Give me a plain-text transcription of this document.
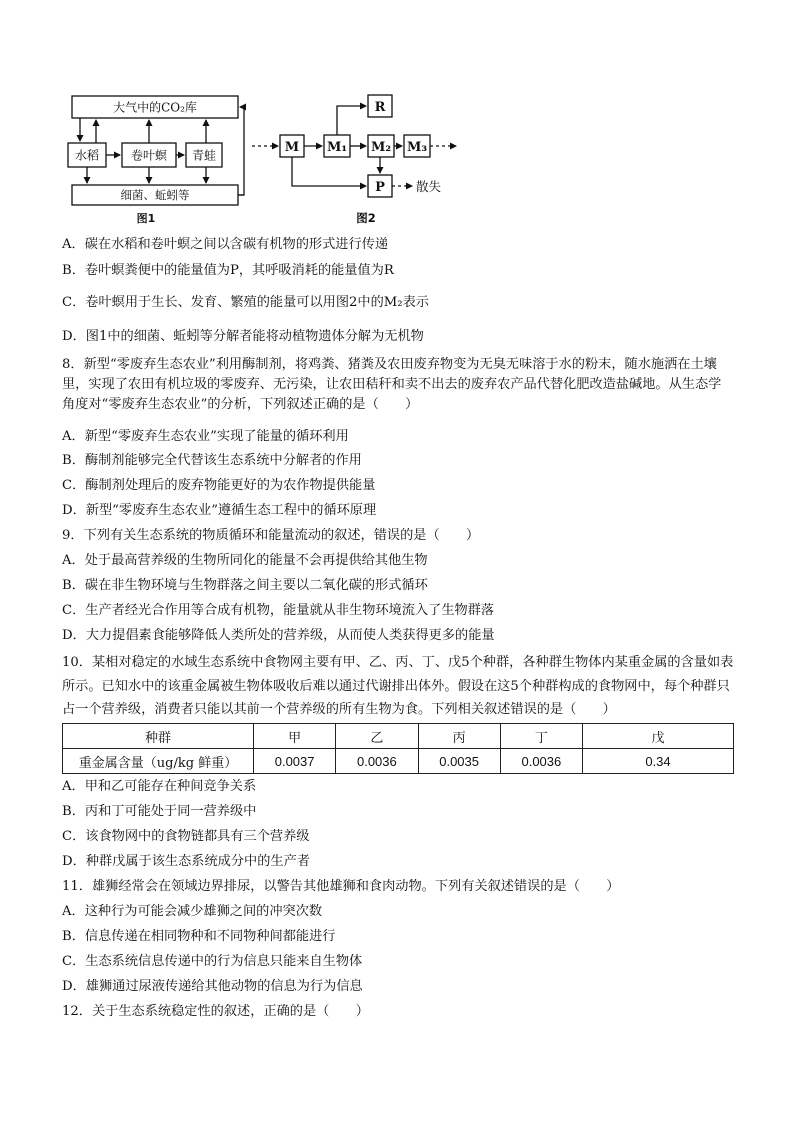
大气中的CO₂库
水稻	卷叶螟 青蛙
细菌、蚯蚓等
图1
M M₁ M₂ M₃
R
P 散失
图2
A．碳在水稻和卷叶螟之间以含碳有机物的形式进行传递
B．卷叶螟粪便中的能量值为P，其呼吸消耗的能量值为R
C．卷叶螟用于生长、发育、繁殖的能量可以用图2中的M₂表示
D．图1中的细菌、蚯蚓等分解者能将动植物遗体分解为无机物
8．新型“零废弃生态农业”利用酶制剂，将鸡粪、猪粪及农田废弃物变为无臭无味溶于水的粉末，随水施洒在土壤里，实现了农田有机垃圾的零废弃、无污染，让农田秸秆和卖不出去的废弃农产品代替化肥改造盐碱地。从生态学角度对“零废弃生态农业”的分析，下列叙述正确的是（　　）
A．新型“零废弃生态农业”实现了能量的循环利用
B．酶制剂能够完全代替该生态系统中分解者的作用
C．酶制剂处理后的废弃物能更好的为农作物提供能量
D．新型“零废弃生态农业”遵循生态工程中的循环原理
9．下列有关生态系统的物质循环和能量流动的叙述，错误的是（　　）
A．处于最高营养级的生物所同化的能量不会再提供给其他生物
B．碳在非生物环境与生物群落之间主要以二氧化碳的形式循环
C．生产者经光合作用等合成有机物，能量就从非生物环境流入了生物群落
D．大力提倡素食能够降低人类所处的营养级，从而使人类获得更多的能量
10．某相对稳定的水域生态系统中食物网主要有甲、乙、丙、丁、戊5个种群，各种群生物体内某重金属的含量如表所示。已知水中的该重金属被生物体吸收后难以通过代谢排出体外。假设在这5个种群构成的食物网中，每个种群只占一个营养级，消费者只能以其前一个营养级的所有生物为食。下列相关叙述错误的是（　　）
种群	甲	乙	丙	丁	戊
重金属含量（ug/kg 鲜重）	0.0037	0.0036	0.0035	0.0036	0.34
A．甲和乙可能存在种间竞争关系
B．丙和丁可能处于同一营养级中
C．该食物网中的食物链都具有三个营养级
D．种群戊属于该生态系统成分中的生产者
11．雄狮经常会在领域边界排尿，以警告其他雄狮和食肉动物。下列有关叙述错误的是（　　）
A．这种行为可能会减少雄狮之间的冲突次数
B．信息传递在相同物种和不同物种间都能进行
C．生态系统信息传递中的行为信息只能来自生物体
D．雄狮通过尿液传递给其他动物的信息为行为信息
12．关于生态系统稳定性的叙述，正确的是（　　）
